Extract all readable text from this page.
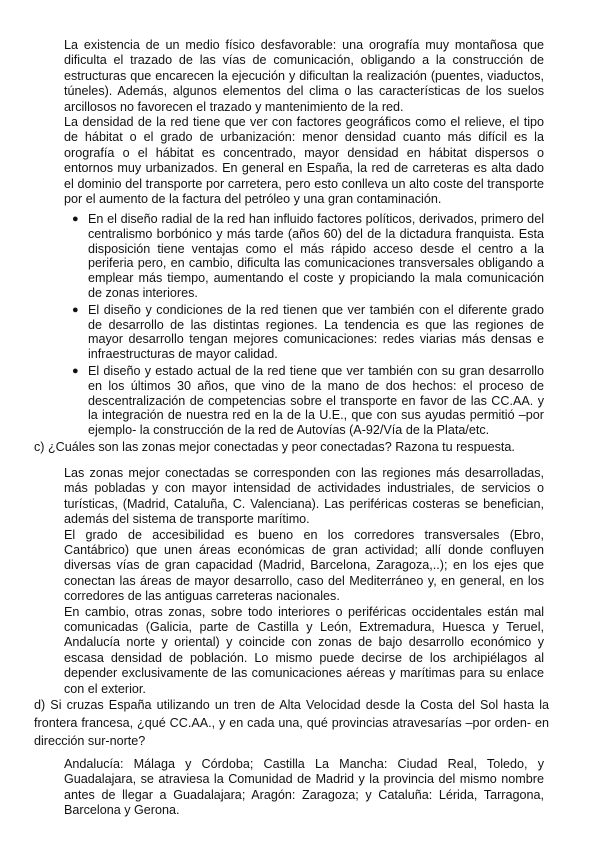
La existencia de un medio físico desfavorable: una orografía muy montañosa que dificulta el trazado de las vías de comunicación, obligando a la construcción de estructuras que encarecen la ejecución y dificultan la realización (puentes, viaductos, túneles). Además, algunos elementos del clima o las características de los suelos arcillosos no favorecen el trazado y mantenimiento de la red.

La densidad de la red tiene que ver con factores geográficos como el relieve, el tipo de hábitat o el grado de urbanización: menor densidad cuanto más difícil es la orografía o el hábitat es concentrado, mayor densidad en hábitat dispersos o entornos muy urbanizados. En general en España, la red de carreteras es alta dado el dominio del transporte por carretera, pero esto conlleva un alto coste del transporte por el aumento de la factura del petróleo y una gran contaminación.

● En el diseño radial de la red han influido factores políticos, derivados, primero del centralismo borbónico y más tarde (años 60) del de la dictadura franquista. Esta disposición tiene ventajas como el más rápido acceso desde el centro a la periferia pero, en cambio, dificulta las comunicaciones transversales obligando a emplear más tiempo, aumentando el coste y propiciando la mala comunicación de zonas interiores.
● El diseño y condiciones de la red tienen que ver también con el diferente grado de desarrollo de las distintas regiones. La tendencia es que las regiones de mayor desarrollo tengan mejores comunicaciones: redes viarias más densas e infraestructuras de mayor calidad.
● El diseño y estado actual de la red tiene que ver también con su gran desarrollo en los últimos 30 años, que vino de la mano de dos hechos: el proceso de descentralización de competencias sobre el transporte en favor de las CC.AA. y la integración de nuestra red en la de la U.E., que con sus ayudas permitió –por ejemplo- la construcción de la red de Autovías (A-92/Vía de la Plata/etc.
c) ¿Cuáles son las zonas mejor conectadas y peor conectadas? Razona tu respuesta.

Las zonas mejor conectadas se corresponden con las regiones más desarrolladas, más pobladas y con mayor intensidad de actividades industriales, de servicios o turísticas, (Madrid, Cataluña, C. Valenciana). Las periféricas costeras se benefician, además del sistema de transporte marítimo.

El grado de accesibilidad es bueno en los corredores transversales (Ebro, Cantábrico) que unen áreas económicas de gran actividad; allí donde confluyen diversas vías de gran capacidad (Madrid, Barcelona, Zaragoza,..); en los ejes que conectan las áreas de mayor desarrollo, caso del Mediterráneo y, en general, en los corredores de las antiguas carreteras nacionales.

En cambio, otras zonas, sobre todo interiores o periféricas occidentales están mal comunicadas (Galicia, parte de Castilla y León, Extremadura, Huesca y Teruel, Andalucía norte y oriental) y coincide con zonas de bajo desarrollo económico y escasa densidad de población. Lo mismo puede decirse de los archipiélagos al depender exclusivamente de las comunicaciones aéreas y marítimas para su enlace con el exterior.

d) Si cruzas España utilizando un tren de Alta Velocidad desde la Costa del Sol hasta la frontera francesa, ¿qué CC.AA., y en cada una, qué provincias atravesarías –por orden- en dirección sur-norte?
Andalucía: Málaga y Córdoba; Castilla La Mancha: Ciudad Real, Toledo, y Guadalajara, se atraviesa la Comunidad de Madrid y la provincia del mismo nombre antes de llegar a Guadalajara; Aragón: Zaragoza; y Cataluña: Lérida, Tarragona, Barcelona y Gerona.
